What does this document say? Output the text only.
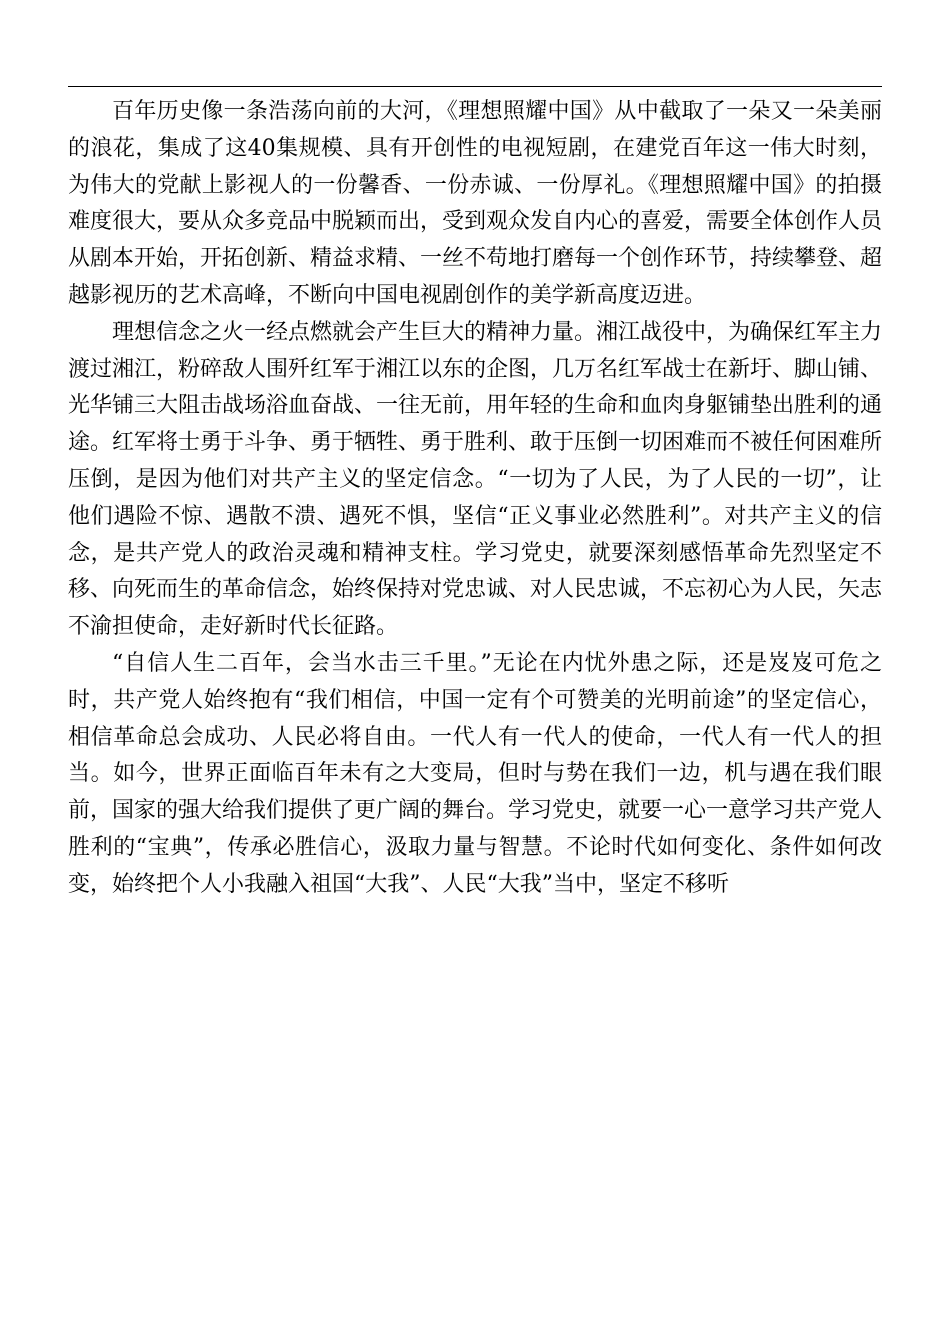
百年历史像一条浩荡向前的大河，《理想照耀中国》从中截取了一朵又一朵美丽的浪花，集成了这40集规模、具有开创性的电视短剧，在建党百年这一伟大时刻，为伟大的党献上影视人的一份馨香、一份赤诚、一份厚礼。《理想照耀中国》的拍摄难度很大，要从众多竞品中脱颖而出，受到观众发自内心的喜爱，需要全体创作人员从剧本开始，开拓创新、精益求精、一丝不苟地打磨每一个创作环节，持续攀登、超越影视历的艺术高峰，不断向中国电视剧创作的美学新高度迈进。

理想信念之火一经点燃就会产生巨大的精神力量。湘江战役中，为确保红军主力渡过湘江，粉碎敌人围歼红军于湘江以东的企图，几万名红军战士在新圩、脚山铺、光华铺三大阻击战场浴血奋战、一往无前，用年轻的生命和血肉身躯铺垫出胜利的通途。红军将士勇于斗争、勇于牺牲、勇于胜利、敢于压倒一切困难而不被任何困难所压倒，是因为他们对共产主义的坚定信念。“一切为了人民，为了人民的一切”，让他们遇险不惊、遇散不溃、遇死不惧，坚信“正义事业必然胜利”。对共产主义的信念，是共产党人的政治灵魂和精神支柱。学习党史，就要深刻感悟革命先烈坚定不移、向死而生的革命信念，始终保持对党忠诚、对人民忠诚，不忘初心为人民，矢志不渝担使命，走好新时代长征路。

“自信人生二百年，会当水击三千里。”无论在内忧外患之际，还是岌岌可危之时，共产党人始终抱有“我们相信，中国一定有个可赞美的光明前途”的坚定信心，相信革命总会成功、人民必将自由。一代人有一代人的使命，一代人有一代人的担当。如今，世界正面临百年未有之大变局，但时与势在我们一边，机与遇在我们眼前，国家的强大给我们提供了更广阔的舞台。学习党史，就要一心一意学习共产党人胜利的“宝典”，传承必胜信心，汲取力量与智慧。不论时代如何变化、条件如何改变，始终把个人小我融入祖国“大我”、人民“大我”当中，坚定不移听
